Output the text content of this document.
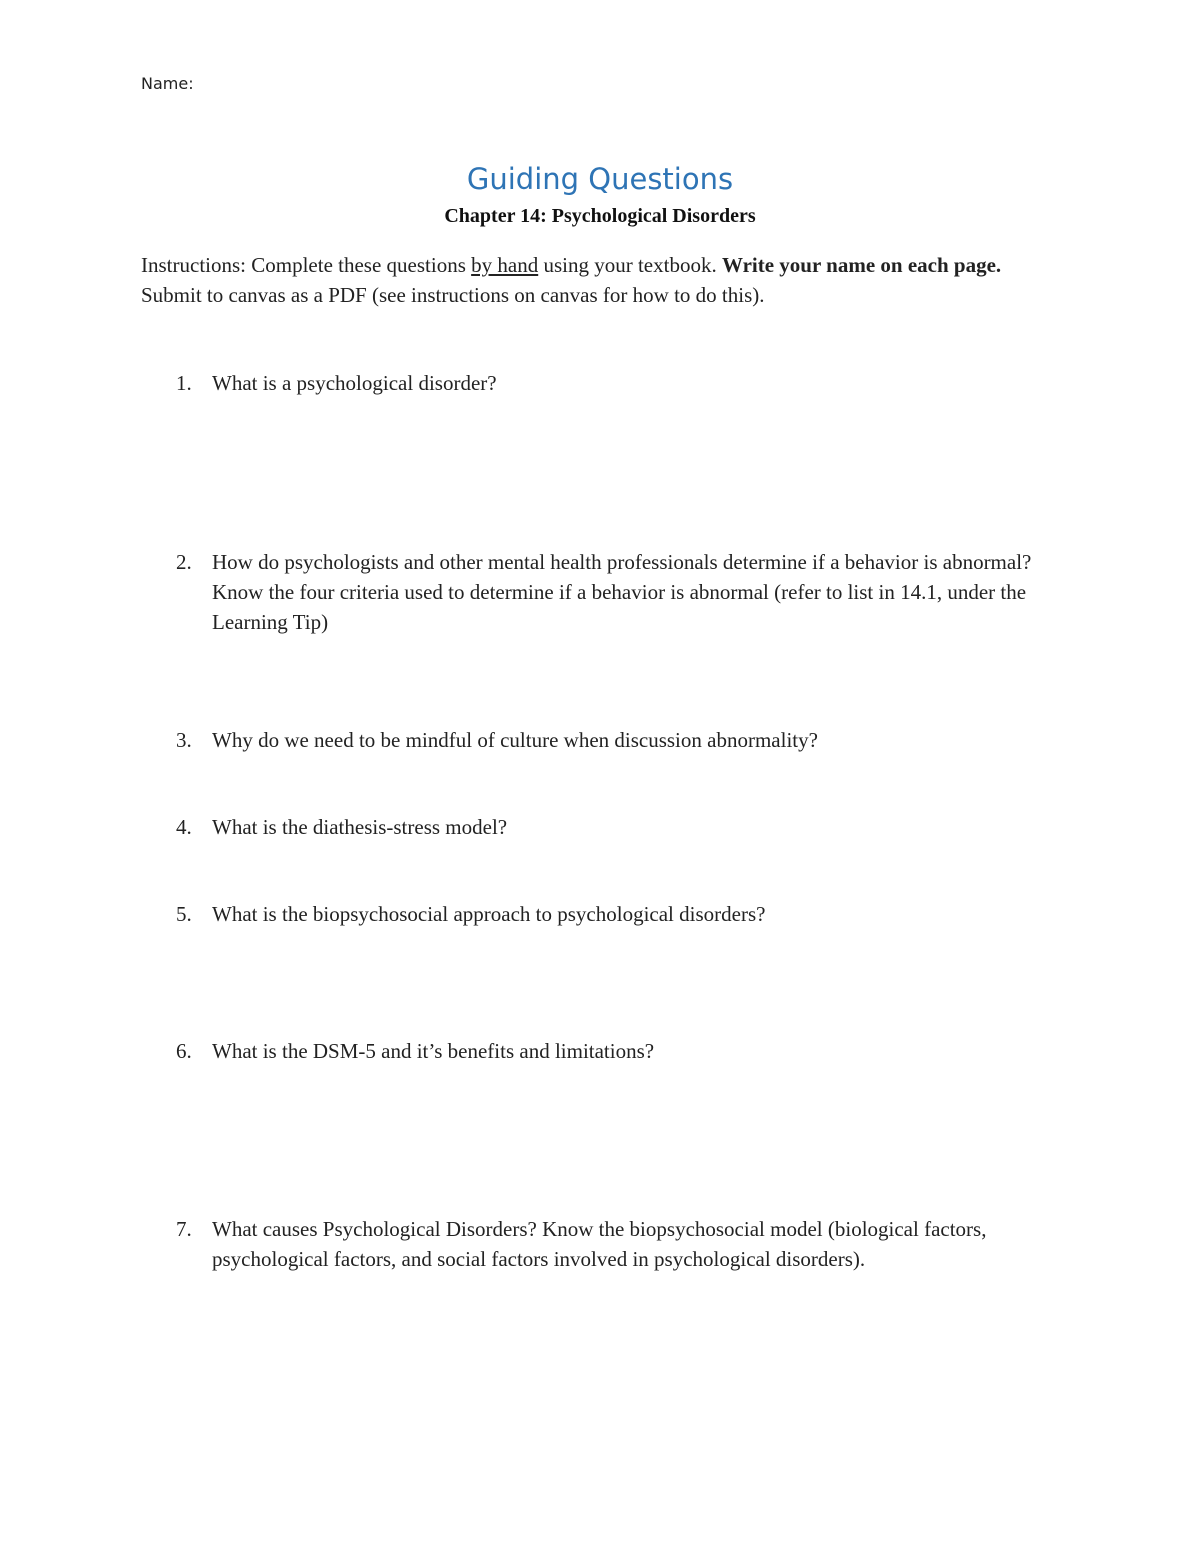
Name:
Guiding Questions
Chapter 14: Psychological Disorders
Instructions: Complete these questions by hand using your textbook. Write your name on each page. Submit to canvas as a PDF (see instructions on canvas for how to do this).
1. What is a psychological disorder?
2. How do psychologists and other mental health professionals determine if a behavior is abnormal? Know the four criteria used to determine if a behavior is abnormal (refer to list in 14.1, under the Learning Tip)
3. Why do we need to be mindful of culture when discussion abnormality?
4. What is the diathesis-stress model?
5. What is the biopsychosocial approach to psychological disorders?
6. What is the DSM-5 and it’s benefits and limitations?
7. What causes Psychological Disorders? Know the biopsychosocial model (biological factors, psychological factors, and social factors involved in psychological disorders).
